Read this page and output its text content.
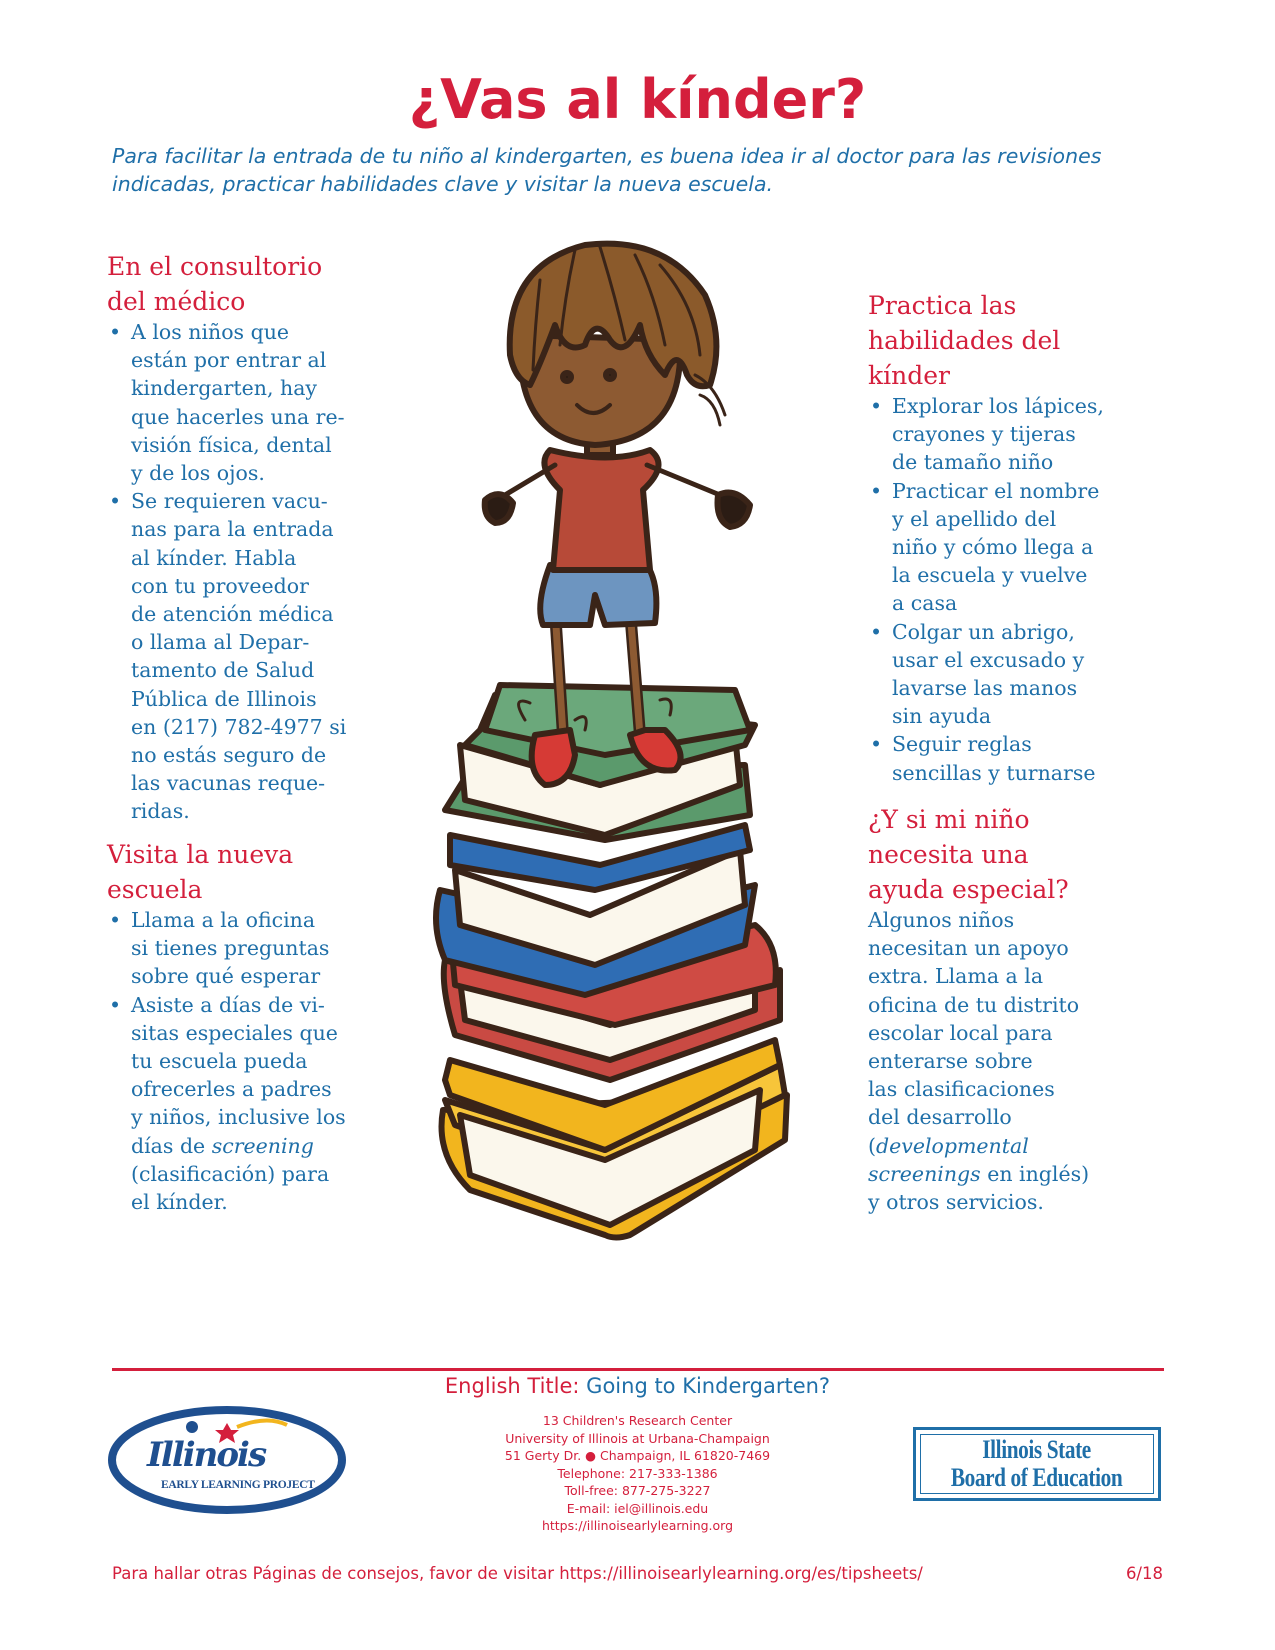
¿Vas al kínder?

Para facilitar la entrada de tu niño al kindergarten, es buena idea ir al doctor para las revisiones indicadas, practicar habilidades clave y visitar la nueva escuela.

En el consultorio
del médico
• A los niños que
están por entrar al
kindergarten, hay
que hacerles una re-
visión física, dental
y de los ojos.
• Se requieren vacu-
nas para la entrada
al kínder. Habla
con tu proveedor
de atención médica
o llama al Depar-
tamento de Salud
Pública de Illinois
en (217) 782-4977 si
no estás seguro de
las vacunas reque-
ridas.
Visita la nueva
escuela
• Llama a la oficina
si tienes preguntas
sobre qué esperar
• Asiste a días de vi-
sitas especiales que
tu escuela pueda
ofrecerles a padres
y niños, inclusive los
días de screening
(clasificación) para
el kínder.
Practica las
habilidades del
kínder
• Explorar los lápices,
crayones y tijeras
de tamaño niño
• Practicar el nombre
y el apellido del
niño y cómo llega a
la escuela y vuelve
a casa
• Colgar un abrigo,
usar el excusado y
lavarse las manos
sin ayuda
• Seguir reglas
sencillas y turnarse
¿Y si mi niño
necesita una
ayuda especial?

Algunos niños
necesitan un apoyo
extra. Llama a la
oficina de tu distrito
escolar local para
enterarse sobre
las clasificaciones
del desarrollo
(developmental
screenings en inglés)
y otros servicios.

English Title: Going to Kindergarten?
Illinois
EARLY LEARNING PROJECT
13 Children's Research Center
University of Illinois at Urbana-Champaign
51 Gerty Dr. ● Champaign, IL 61820-7469
Telephone: 217-333-1386
Toll-free: 877-275-3227
E-mail: iel@illinois.edu
https://illinoisearlylearning.org
Illinois State
Board of Education
Para hallar otras Páginas de consejos, favor de visitar https://illinoisearlylearning.org/es/tipsheets/	6/18
